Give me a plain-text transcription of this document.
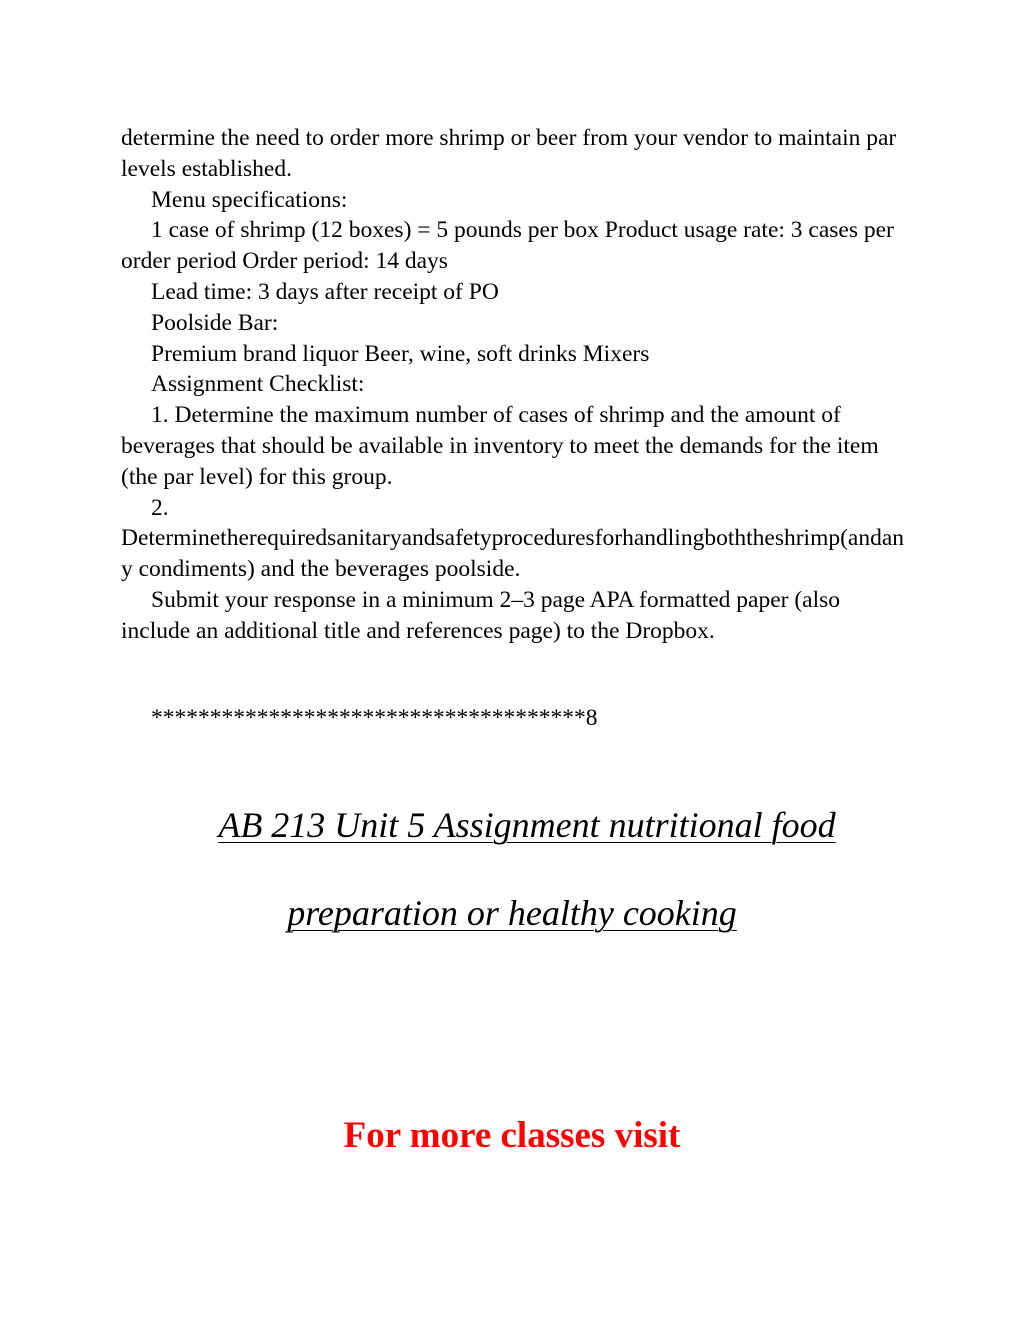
determine the need to order more shrimp or beer from your vendor to maintain par levels established.

Menu specifications:

1 case of shrimp (12 boxes) = 5 pounds per box Product usage rate: 3 cases per order period Order period: 14 days

Lead time: 3 days after receipt of PO

Poolside Bar:

Premium brand liquor Beer, wine, soft drinks Mixers

Assignment Checklist:

1. Determine the maximum number of cases of shrimp and the amount of beverages that should be available in inventory to meet the demands for the item (the par level) for this group.

2.

Determinetherequiredsanitaryandsafetyproceduresforhandlingboththeshrimp(andany condiments) and the beverages poolside.

Submit your response in a minimum 2–3 page APA formatted paper (also include an additional title and references page) to the Dropbox.

*************************************8
AB 213 Unit 5 Assignment nutritional food
preparation or healthy cooking
For more classes visit
